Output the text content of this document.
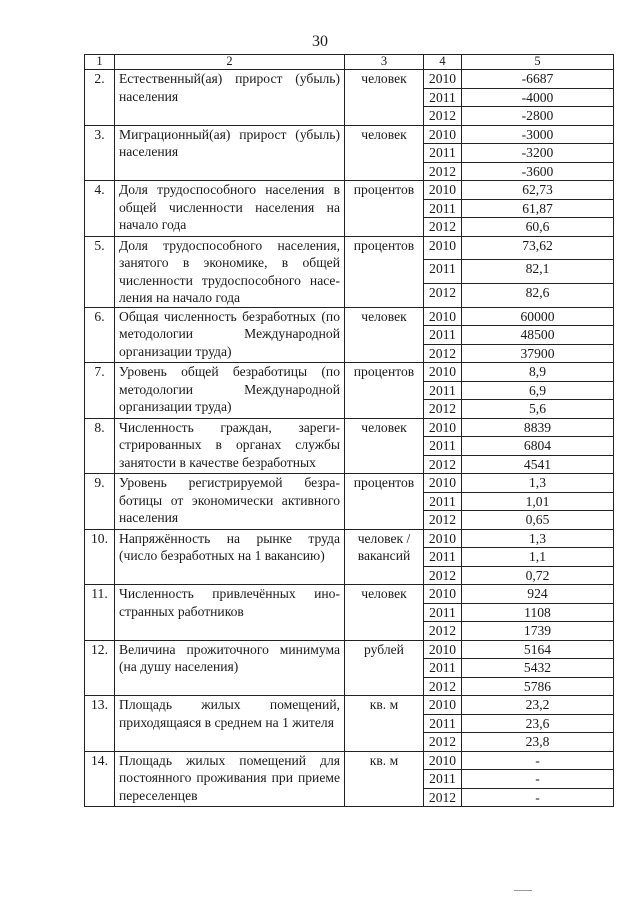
30
1	2	3	4	5
2.	Естественный(ая) прирост (убыль) населения	человек	2010	-6687
			2011	-4000
			2012	-2800
3.	Миграционный(ая) прирост (убыль) населения	человек	2010	-3000
			2011	-3200
			2012	-3600
4.	Доля трудоспособного населения в общей численности населения на начало года	процентов	2010	62,73
			2011	61,87
			2012	60,6
5.	Доля трудоспособного населения, занятого в экономике, в общей численности трудоспособного населения на начало года	процентов	2010	73,62
			2011	82,1
			2012	82,6
6.	Общая численность безработных (по методологии Международной организации труда)	человек	2010	60000
			2011	48500
			2012	37900
7.	Уровень общей безработицы (по методологии Международной организации труда)	процентов	2010	8,9
			2011	6,9
			2012	5,6
8.	Численность граждан, зарегистрированных в органах службы занятости в качестве безработных	человек	2010	8839
			2011	6804
			2012	4541
9.	Уровень регистрируемой безработицы от экономически активного населения	процентов	2010	1,3
			2011	1,01
			2012	0,65
10.	Напряжённость на рынке труда (число безработных на 1 вакансию)	человек / вакансий	2010	1,3
			2011	1,1
			2012	0,72
11.	Численность привлечённых иностранных работников	человек	2010	924
			2011	1108
			2012	1739
12.	Величина прожиточного минимума (на душу населения)	рублей	2010	5164
			2011	5432
			2012	5786
13.	Площадь жилых помещений, приходящаяся в среднем на 1 жителя	кв. м	2010	23,2
			2011	23,6
			2012	23,8
14.	Площадь жилых помещений для постоянного проживания при приеме переселенцев	кв. м	2010	-
			2011	-
			2012	-
